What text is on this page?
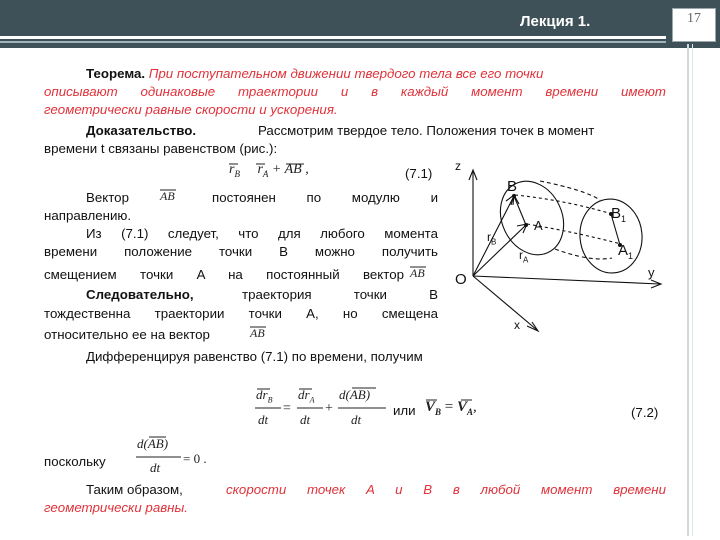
Лекция 1.	17
Теорема. При поступательном движении твердого тела все его точки
описывают одинаковые траектории и в каждый момент времени имеют
геометрически равные скорости и ускорения.
Доказательство.	Рассмотрим твердое тело. Положения точек в момент
времени t связаны равенством (рис.):
$r_B$ $r_A$ + AB ,	(7.1)
Вектор	AB	постоянен по модулю и
направлению.
Из (7.1) следует, что для любого момента
времени положение точки B можно получить
смещением точки A на постоянный вектор AB
Следовательно,	траектория точки B
тождественна траектории точки A, но смещена
относительно ее на вектор	AB
Дифференцируя равенство (7.1) по времени, получим
$dr_B$
dt
=
$dr_A$
dt
+
d(AB)
dt
или $V_B = V_A$,	(7.2)
поскольку
d(AB)
dt
= 0 .
Таким образом,	скорости точек A и B в любой момент времени
геометрически равны.
z
y
x
O
B
A
$B_1$
$A_1$
$r_B$
$r_A$
